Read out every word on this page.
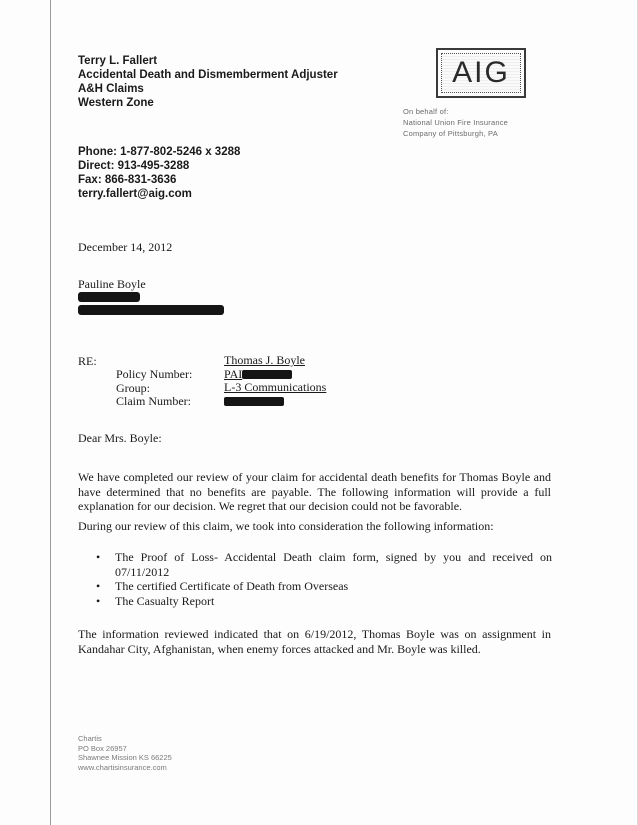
Terry L. Fallert
Accidental Death and Dismemberment Adjuster
A&H Claims
Western Zone
AIG
On behalf of:
National Union Fire Insurance
Company of Pittsburgh, PA
Phone: 1-877-802-5246 x 3288
Direct: 913-495-3288
Fax: 866-831-3636
terry.fallert@aig.com
December 14, 2012
Pauline Boyle
RE:
Policy Number:
Group:
Claim Number:
Thomas J. Boyle
PAI
L-3 Communications
Dear Mrs. Boyle:
We have completed our review of your claim for accidental death benefits for Thomas Boyle and have determined that no benefits are payable. The following information will provide a full explanation for our decision. We regret that our decision could not be favorable.
During our review of this claim, we took into consideration the following information:
• The Proof of Loss- Accidental Death claim form, signed by you and received on 07/11/2012
• The certified Certificate of Death from Overseas
• The Casualty Report
The information reviewed indicated that on 6/19/2012, Thomas Boyle was on assignment in Kandahar City, Afghanistan, when enemy forces attacked and Mr. Boyle was killed.
Chartis
PO Box 26957
Shawnee Mission KS 66225
www.chartisinsurance.com
